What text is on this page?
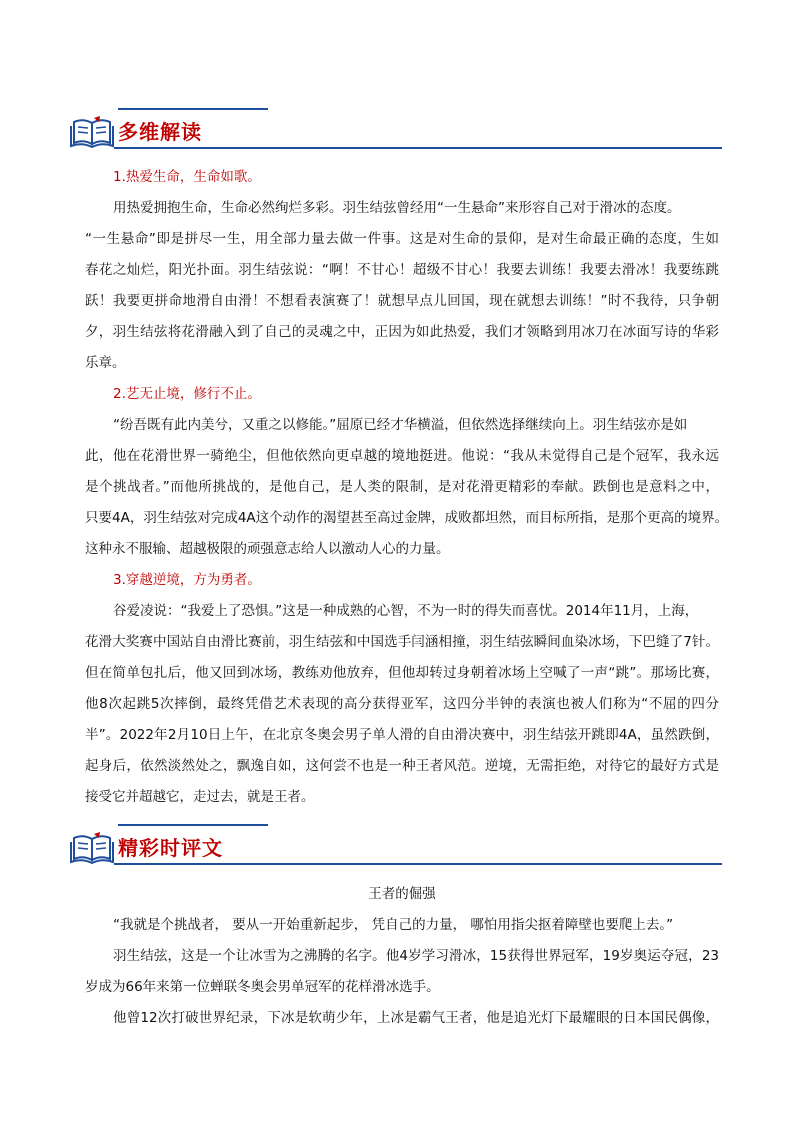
多维解读

1.热爱生命，生命如歌。

用热爱拥抱生命，生命必然绚烂多彩。羽生结弦曾经用“一生悬命”来形容自己对于滑冰的态度。

“一生悬命”即是拼尽一生，用全部力量去做一件事。这是对生命的景仰，是对生命最正确的态度，生如

春花之灿烂，阳光扑面。羽生结弦说：“啊！不甘心！超级不甘心！我要去训练！我要去滑冰！我要练跳

跃！我要更拼命地滑自由滑！不想看表演赛了！就想早点儿回国，现在就想去训练！”时不我待，只争朝

夕，羽生结弦将花滑融入到了自己的灵魂之中，正因为如此热爱，我们才领略到用冰刀在冰面写诗的华彩

乐章。

2.艺无止境，修行不止。

“纷吾既有此内美兮，又重之以修能。”屈原已经才华横溢，但依然选择继续向上。羽生结弦亦是如

此，他在花滑世界一骑绝尘，但他依然向更卓越的境地挺进。他说：“我从未觉得自己是个冠军，我永远

是个挑战者。”而他所挑战的，是他自己，是人类的限制，是对花滑更精彩的奉献。跌倒也是意料之中，

只要4A，羽生结弦对完成4A这个动作的渴望甚至高过金牌，成败都坦然，而目标所指，是那个更高的境界。

这种永不服输、超越极限的顽强意志给人以激动人心的力量。

3.穿越逆境，方为勇者。

谷爱凌说：“我爱上了恐惧。”这是一种成熟的心智，不为一时的得失而喜忧。2014年11月，上海，

花滑大奖赛中国站自由滑比赛前，羽生结弦和中国选手闫涵相撞，羽生结弦瞬间血染冰场，下巴缝了7针。

但在简单包扎后，他又回到冰场，教练劝他放弃，但他却转过身朝着冰场上空喊了一声“跳”。那场比赛，

他8次起跳5次摔倒，最终凭借艺术表现的高分获得亚军，这四分半钟的表演也被人们称为“不屈的四分

半”。2022年2月10日上午，在北京冬奥会男子单人滑的自由滑决赛中，羽生结弦开跳即4A，虽然跌倒，

起身后，依然淡然处之，飘逸自如，这何尝不也是一种王者风范。逆境，无需拒绝，对待它的最好方式是

接受它并超越它，走过去，就是王者。

精彩时评文

王者的倔强

“我就是个挑战者， 要从一开始重新起步， 凭自己的力量， 哪怕用指尖抠着障壁也要爬上去。”

羽生结弦，这是一个让冰雪为之沸腾的名字。他4岁学习滑冰，15获得世界冠军，19岁奥运夺冠，23

岁成为66年来第一位蝉联冬奥会男单冠军的花样滑冰选手。

他曾12次打破世界纪录，下冰是软萌少年，上冰是霸气王者，他是追光灯下最耀眼的日本国民偶像，
